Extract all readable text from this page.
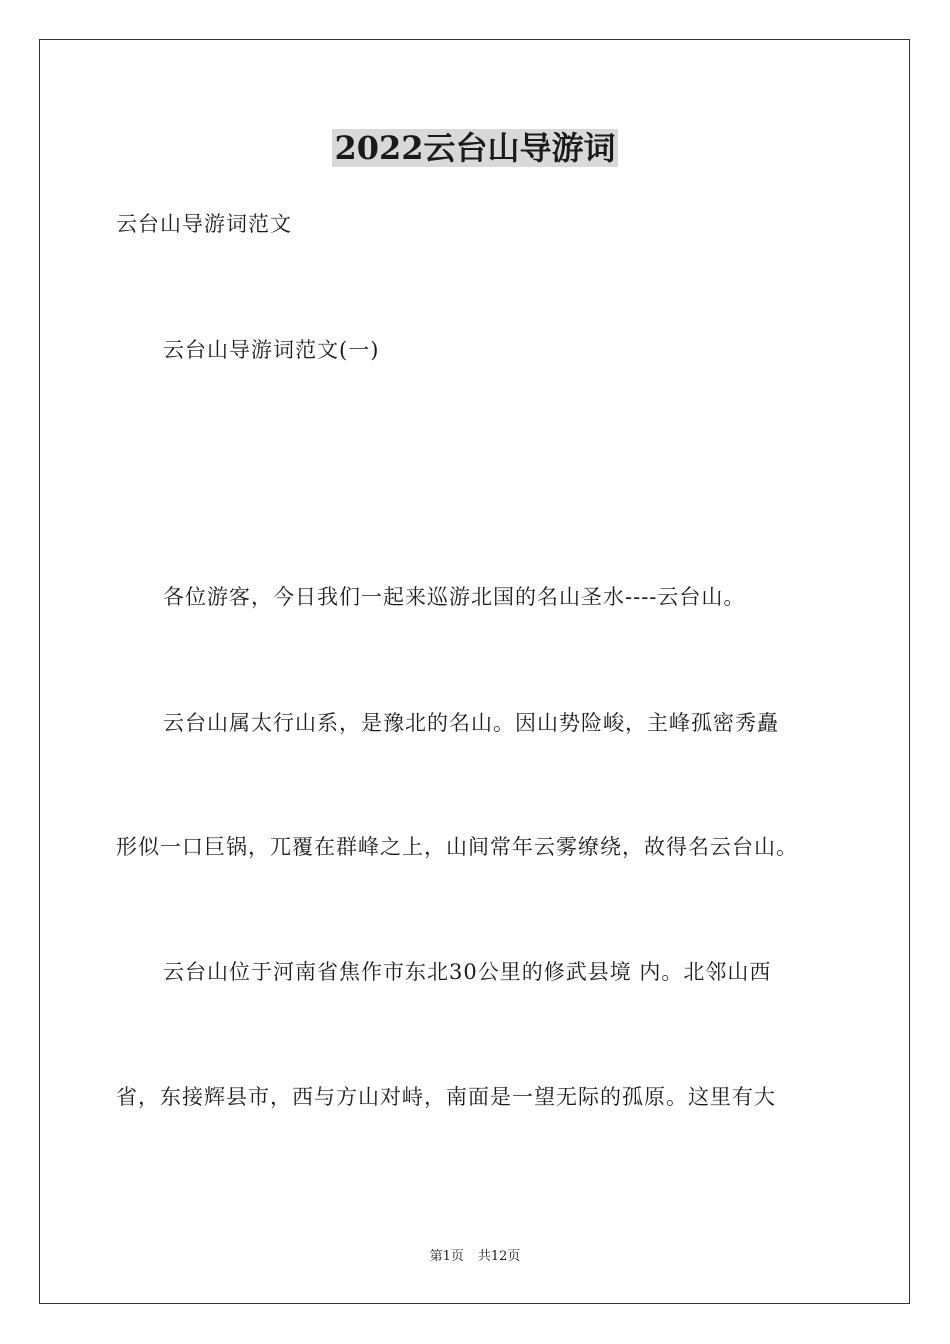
2022云台山导游词
云台山导游词范文
云台山导游词范文(一)
各位游客，今日我们一起来巡游北国的名山圣水----云台山。
云台山属太行山系，是豫北的名山。因山势险峻，主峰孤密秀矗
形似一口巨锅，兀覆在群峰之上，山间常年云雾缭绕，故得名云台山。
云台山位于河南省焦作市东北30公里的修武县境 内。北邻山西
省，东接辉县市，西与方山对峙，南面是一望无际的孤原。这里有大
第1页 共12页
